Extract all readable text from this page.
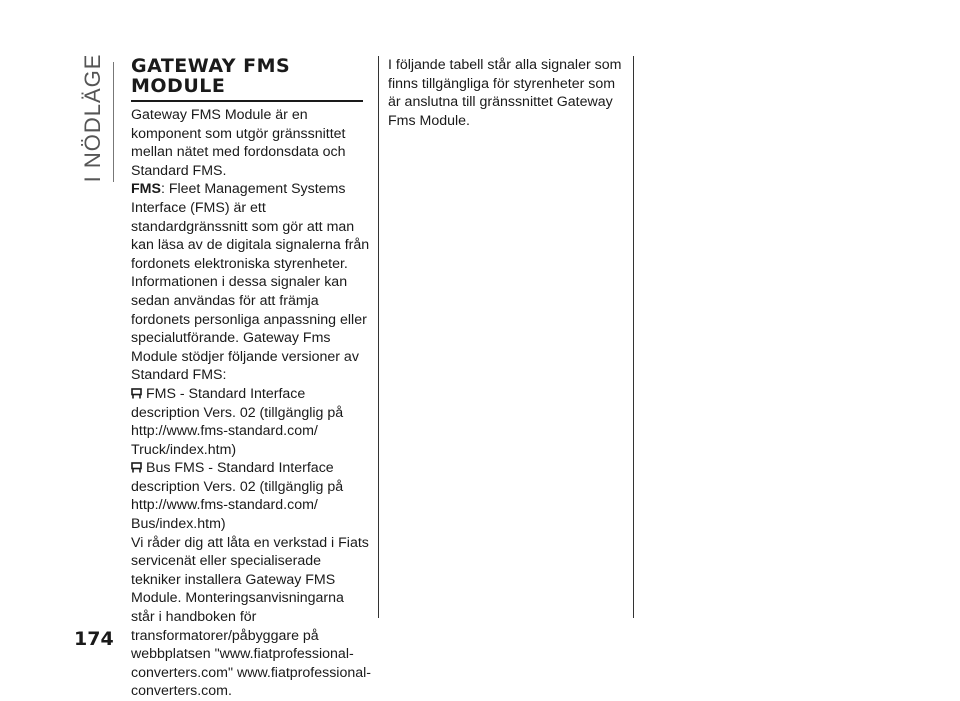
I NÖDLÄGE GATEWAY FMS MODULE

Gateway FMS Module är en komponent som utgör gränssnittet mellan nätet med fordonsdata och Standard FMS.

FMS: Fleet Management Systems Interface (FMS) är ett standardgränssnitt som gör att man kan läsa av de digitala signalerna från fordonets elektroniska styrenheter. Informationen i dessa signaler kan sedan användas för att främja fordonets personliga anpassning eller specialutförande. Gateway Fms Module stödjer följande versioner av Standard FMS:

FMS - Standard Interface description Vers. 02 (tillgänglig på http://www.fms-standard.com/ Truck/index.htm)

Bus FMS - Standard Interface description Vers. 02 (tillgänglig på http://www.fms-standard.com/ Bus/index.htm)

Vi råder dig att låta en verkstad i Fiats servicenät eller specialiserade tekniker installera Gateway FMS Module. Monteringsanvisningarna står i handboken för transformatorer/påbyggare på webbplatsen "www.fiatprofessional-converters.com" www.fiatprofessional-converters.com.

I följande tabell står alla signaler som finns tillgängliga för styrenheter som är anslutna till gränssnittet Gateway Fms Module.

174
